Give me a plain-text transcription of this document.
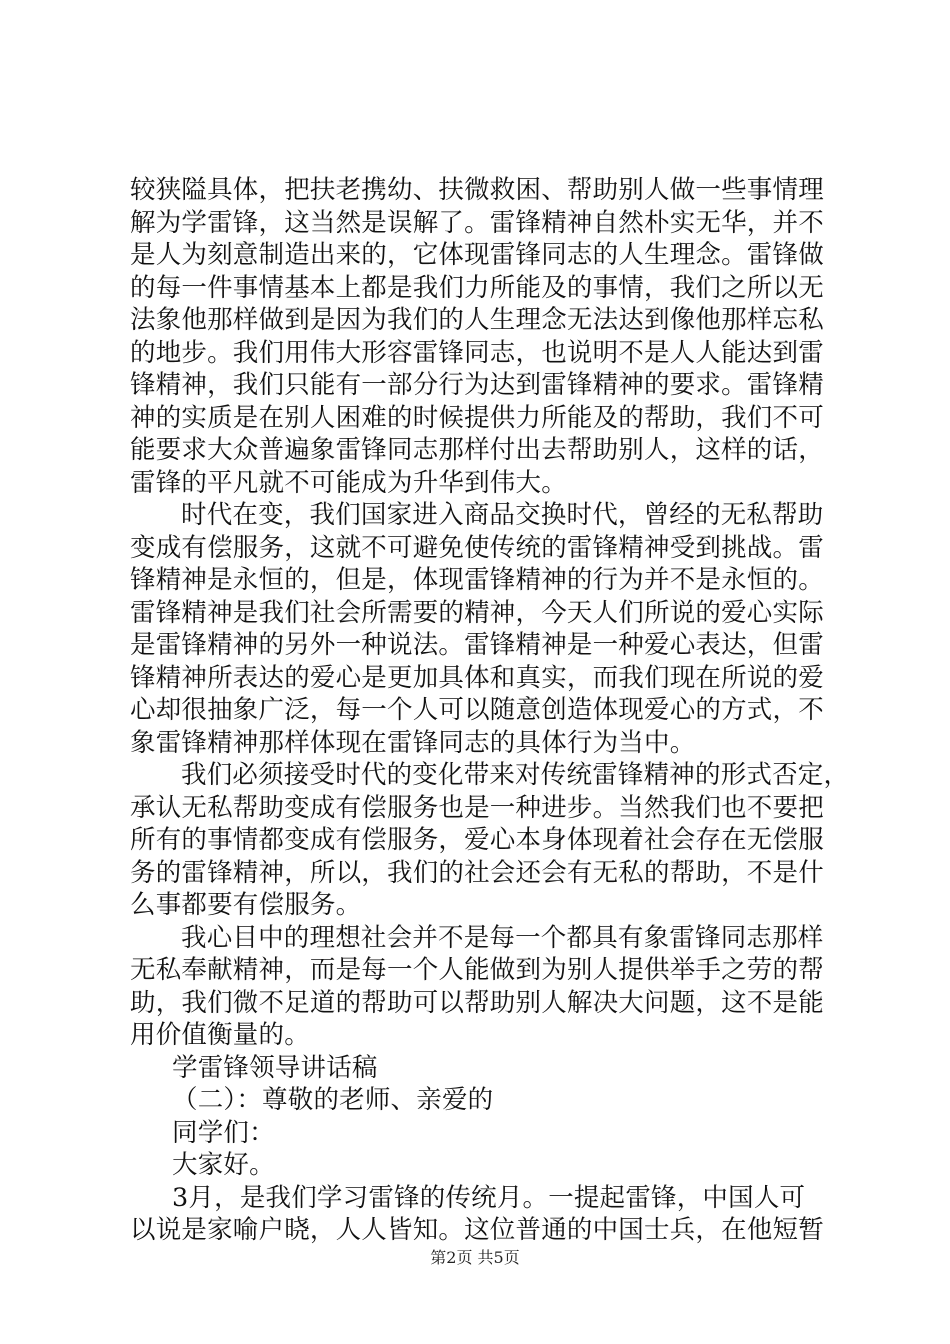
较狭隘具体，把扶老携幼、扶微救困、帮助别人做一些事情理
解为学雷锋，这当然是误解了。雷锋精神自然朴实无华，并不
是人为刻意制造出来的，它体现雷锋同志的人生理念。雷锋做
的每一件事情基本上都是我们力所能及的事情，我们之所以无
法象他那样做到是因为我们的人生理念无法达到像他那样忘私
的地步。我们用伟大形容雷锋同志，也说明不是人人能达到雷
锋精神，我们只能有一部分行为达到雷锋精神的要求。雷锋精
神的实质是在别人困难的时候提供力所能及的帮助，我们不可
能要求大众普遍象雷锋同志那样付出去帮助别人，这样的话，
雷锋的平凡就不可能成为升华到伟大。
时代在变，我们国家进入商品交换时代，曾经的无私帮助
变成有偿服务，这就不可避免使传统的雷锋精神受到挑战。雷
锋精神是永恒的，但是，体现雷锋精神的行为并不是永恒的。
雷锋精神是我们社会所需要的精神，今天人们所说的爱心实际
是雷锋精神的另外一种说法。雷锋精神是一种爱心表达，但雷
锋精神所表达的爱心是更加具体和真实，而我们现在所说的爱
心却很抽象广泛，每一个人可以随意创造体现爱心的方式，不
象雷锋精神那样体现在雷锋同志的具体行为当中。
我们必须接受时代的变化带来对传统雷锋精神的形式否定，
承认无私帮助变成有偿服务也是一种进步。当然我们也不要把
所有的事情都变成有偿服务，爱心本身体现着社会存在无偿服
务的雷锋精神，所以，我们的社会还会有无私的帮助，不是什
么事都要有偿服务。
我心目中的理想社会并不是每一个都具有象雷锋同志那样
无私奉献精神，而是每一个人能做到为别人提供举手之劳的帮
助，我们微不足道的帮助可以帮助别人解决大问题，这不是能
用价值衡量的。
学雷锋领导讲话稿
（二）：尊敬的老师、亲爱的
同学们：
大家好。
3月，是我们学习雷锋的传统月。一提起雷锋，中国人可
以说是家喻户晓，人人皆知。这位普通的中国士兵，在他短暂
第2页 共5页
